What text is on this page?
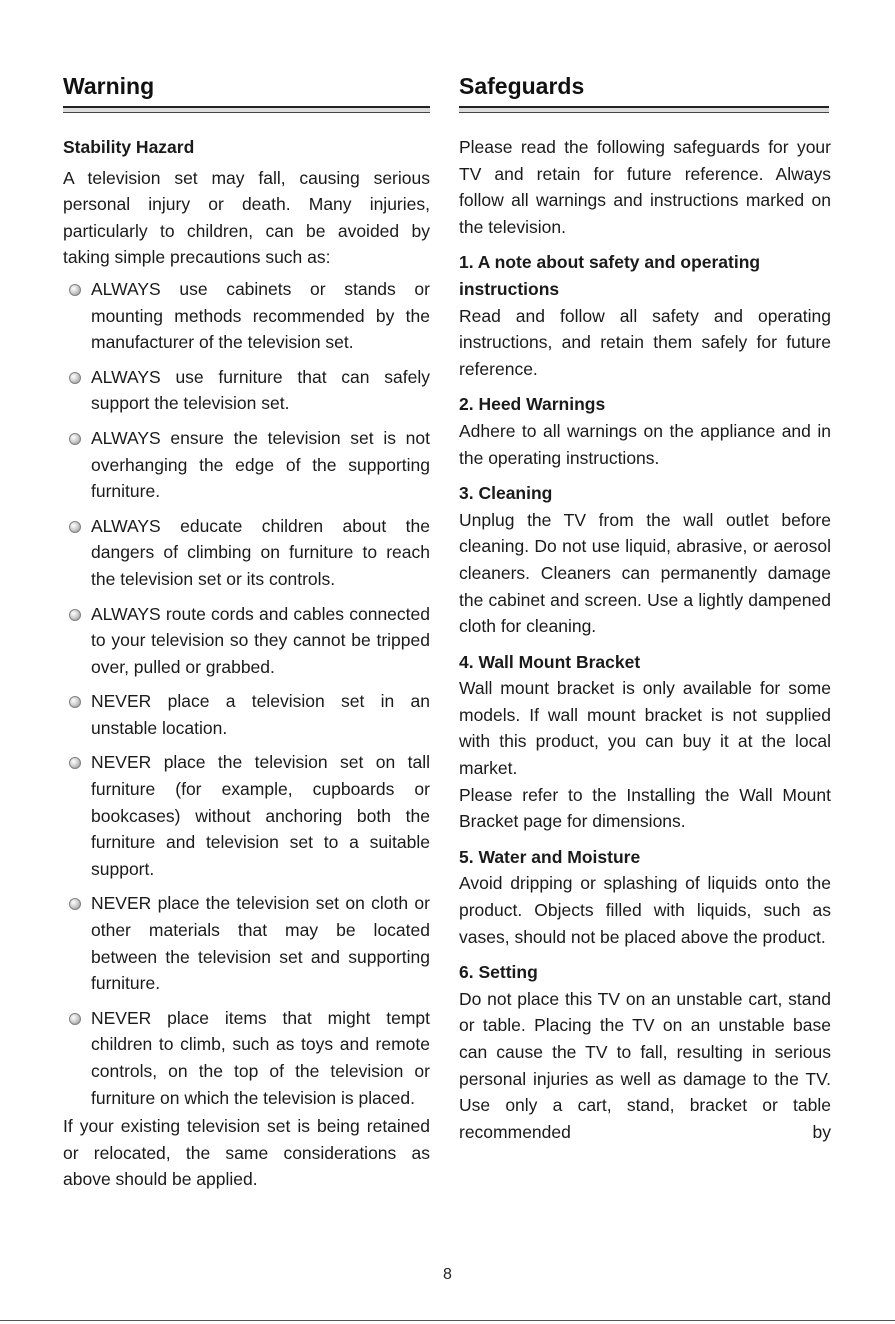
Warning
Stability Hazard

A television set may fall, causing serious personal injury or death. Many injuries, particularly to children, can be avoided by taking simple precautions such as:

ALWAYS use cabinets or stands or mounting methods recommended by the manufacturer of the television set.
ALWAYS use furniture that can safely support the television set.
ALWAYS ensure the television set is not overhanging the edge of the supporting furniture.
ALWAYS educate children about the dangers of climbing on furniture to reach the television set or its controls.
ALWAYS route cords and cables connected to your television so they cannot be tripped over, pulled or grabbed.
NEVER place a television set in an unstable location.
NEVER place the television set on tall furniture (for example, cupboards or bookcases) without anchoring both the furniture and television set to a suitable support.
NEVER place the television set on cloth or other materials that may be located between the television set and supporting furniture.
NEVER place items that might tempt children to climb, such as toys and remote controls, on the top of the television or furniture on which the television is placed.

If your existing television set is being retained or relocated, the same considerations as above should be applied.

Safeguards

Please read the following safeguards for your TV and retain for future reference. Always follow all warnings and instructions marked on the television.

1. A note about safety and operating instructions

Read and follow all safety and operating instructions, and retain them safely for future reference.

2. Heed Warnings

Adhere to all warnings on the appliance and in the operating instructions.

3. Cleaning

Unplug the TV from the wall outlet before cleaning. Do not use liquid, abrasive, or aerosol cleaners. Cleaners can permanently damage the cabinet and screen. Use a lightly dampened cloth for cleaning.

4. Wall Mount Bracket

Wall mount bracket is only available for some models. If wall mount bracket is not supplied with this product, you can buy it at the local market.

Please refer to the Installing the Wall Mount Bracket page for dimensions.

5. Water and Moisture

Avoid dripping or splashing of liquids onto the product. Objects filled with liquids, such as vases, should not be placed above the product.

6. Setting

Do not place this TV on an unstable cart, stand or table. Placing the TV on an unstable base can cause the TV to fall, resulting in serious personal injuries as well as damage to the TV. Use only a cart, stand, bracket or table recommended by

8
